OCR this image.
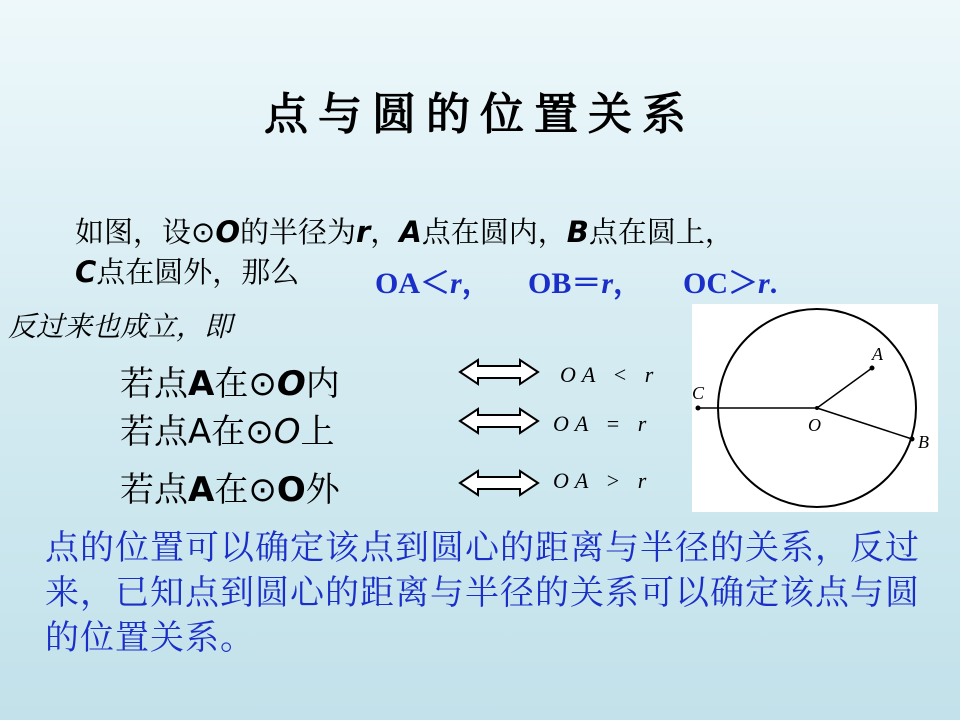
点与圆的位置关系
如图，设⊙O的半径为r，A点在圆内，B点在圆上，
C点在圆外，那么	OA＜r， OB＝r， OC＞r.
反过来也成立，即
若点A在⊙O内
若点A在⊙O上
若点A在⊙O外
OA < r
OA = r
OA > r
A
B
C
O
点的位置可以确定该点到圆心的距离与半径的关系，反过来，已知点到圆心的距离与半径的关系可以确定该点与圆的位置关系。
